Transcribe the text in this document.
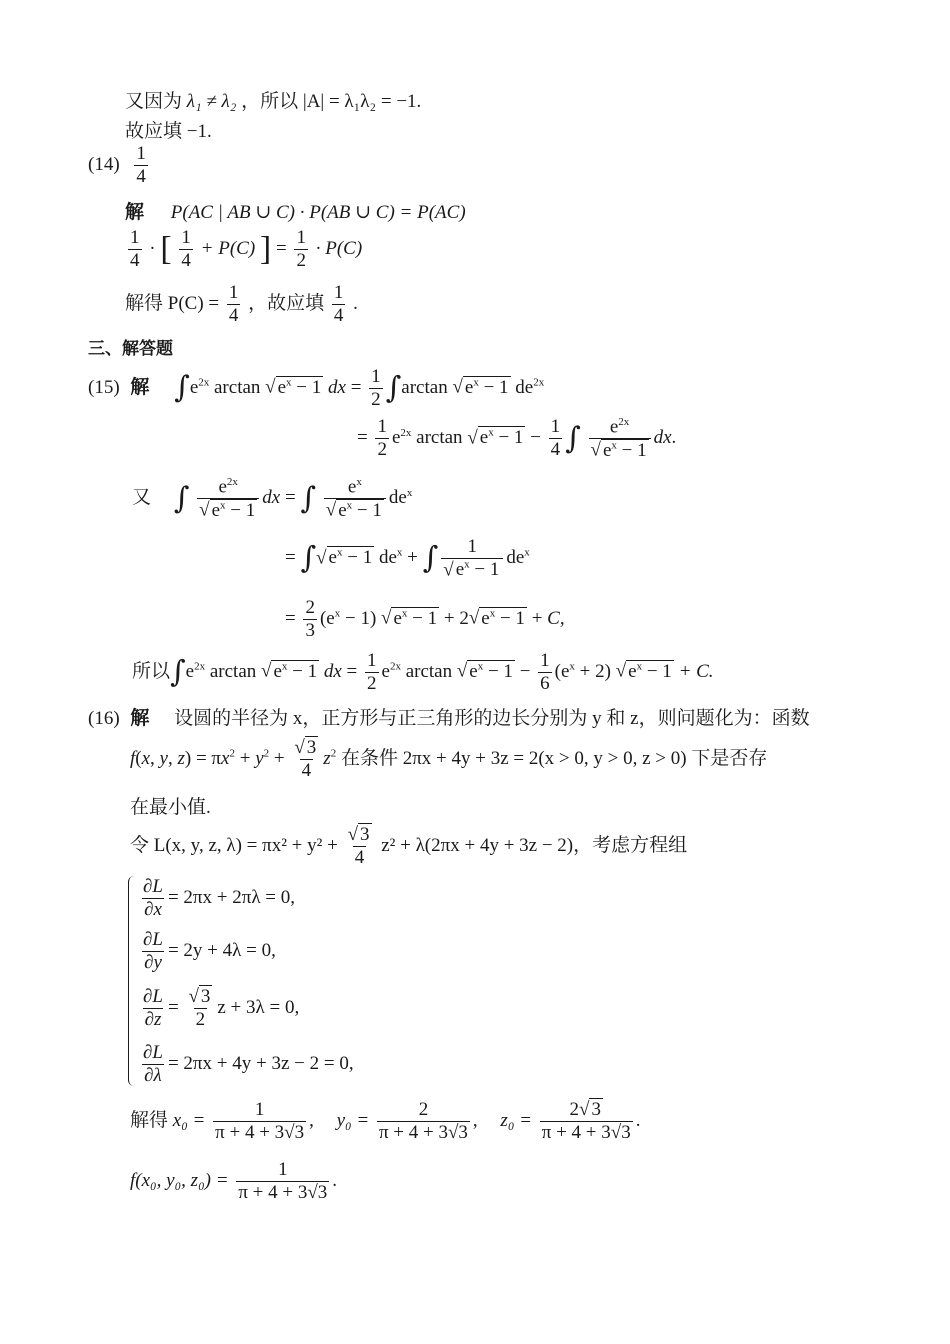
又因为 λ₁ ≠ λ₂ ，所以 |A| = λ₁λ₂ = −1.
故应填 −1.
$(14) \frac{1}{4}$
解 P(AC | AB ∪ C) · P(AB ∪ C) = P(AC)
$\frac{1}{4}$ · [ $\frac{1}{4} + P(C)$ ] = $\frac{1}{2} \cdot P(C)$
解得 $P(C) = \frac{1}{4}$ ，故应填 $\frac{1}{4}$ .
三、解答题
(15) 解 $\int e^{2x}$ arctan √ $e^x - 1$ dx = $\frac{1}{2} \int\arctan$ √ $e^x - 1$ $de^{2x}$
= $\frac{1}{2} e^{2x}$ arctan √ $e^x - 1 - \frac{1}{4}$ ∫ $\frac{e^{2x}}{√ e^x - 1}$ dx.
又 ∫ $\frac{e^{2x}}{√ e^x - 1}$ dx = ∫ $\frac{e^x}{√ e^x - 1} de^x$
= ∫√ $e^x - 1$ $de^x$ + ∫ $\frac{1}{√ e^x - 1} de^x$
= $\frac{2}{3} (e^x - 1)$ √ $e^x - 1 + 2√$ $e^x - 1 + C$,
所以$\int e^{2x}$ arctan √ $e^x - 1$ dx = $\frac{1}{2} e^{2x}$ arctan √ $e^x - 1 - \frac{1}{6} (e^x + 2)$ √ $e^x - 1 + C$.
(16) 解 设圆的半径为 x，正方形与正三角形的边长分别为 y 和 z，则问题化为：函数
f(x, y, $z) = \pi x^2 + y^2 + \frac{√ 3}{4} z^2$ 在条件 2πx + 4y + 3z = 2(x > 0, y > 0, z > 0) 下是否存
在最小值.
令 L(x, y, z, $\lambda) = \pi x^2 + y^2 + \frac{√ 3}{4} z^2 + \lambda(2\pi x + 4y + 3z - 2)$，考虑方程组
$\frac{\partial L}{\partial x} = 2\pi x + 2\pi\lambda = 0$,
$\frac{\partial L}{\partial y} = 2y + 4\lambda = 0$,
$\frac{\partial L}{\partial z} = \frac{√ 3}{2}$ z + 3λ = 0,
$\frac{\partial L}{\partial\lambda} = 2\pi x + 4y + 3z - 2 = 0$,
解得 $x_0 = \frac{1}{\pi + 4 + 3√3}$ , $y_0 = \frac{2}{\pi + 4 + 3√3}$ , $z_0 = \frac{2√ 3}{\pi + 4 + 3√3}$ .
f(x₀, y₀, $z_0) = \frac{1}{\pi + 4 + 3√3}$ .
